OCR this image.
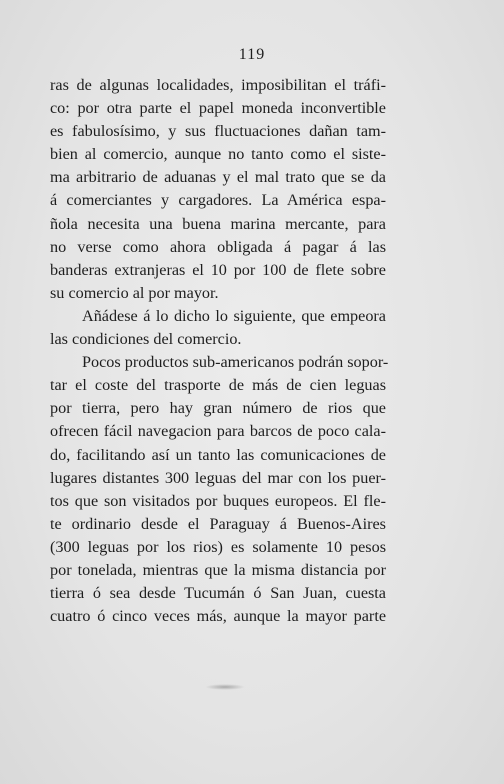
119
ras de algunas localidades, imposibilitan el tráfi-
co: por otra parte el papel moneda inconvertible
es fabulosísimo, y sus fluctuaciones dañan tam-
bien al comercio, aunque no tanto como el siste-
ma arbitrario de aduanas y el mal trato que se da
á comerciantes y cargadores. La América espa-
ñola necesita una buena marina mercante, para
no verse como ahora obligada á pagar á las
banderas extranjeras el 10 por 100 de flete sobre
su comercio al por mayor.
Añádese á lo dicho lo siguiente, que empeora
las condiciones del comercio.
Pocos productos sub-americanos podrán sopor-
tar el coste del trasporte de más de cien leguas
por tierra, pero hay gran número de rios que
ofrecen fácil navegacion para barcos de poco cala-
do, facilitando así un tanto las comunicaciones de
lugares distantes 300 leguas del mar con los puer-
tos que son visitados por buques europeos. El fle-
te ordinario desde el Paraguay á Buenos-Aires
(300 leguas por los rios) es solamente 10 pesos
por tonelada, mientras que la misma distancia por
tierra ó sea desde Tucumán ó San Juan, cuesta
cuatro ó cinco veces más, aunque la mayor parte
